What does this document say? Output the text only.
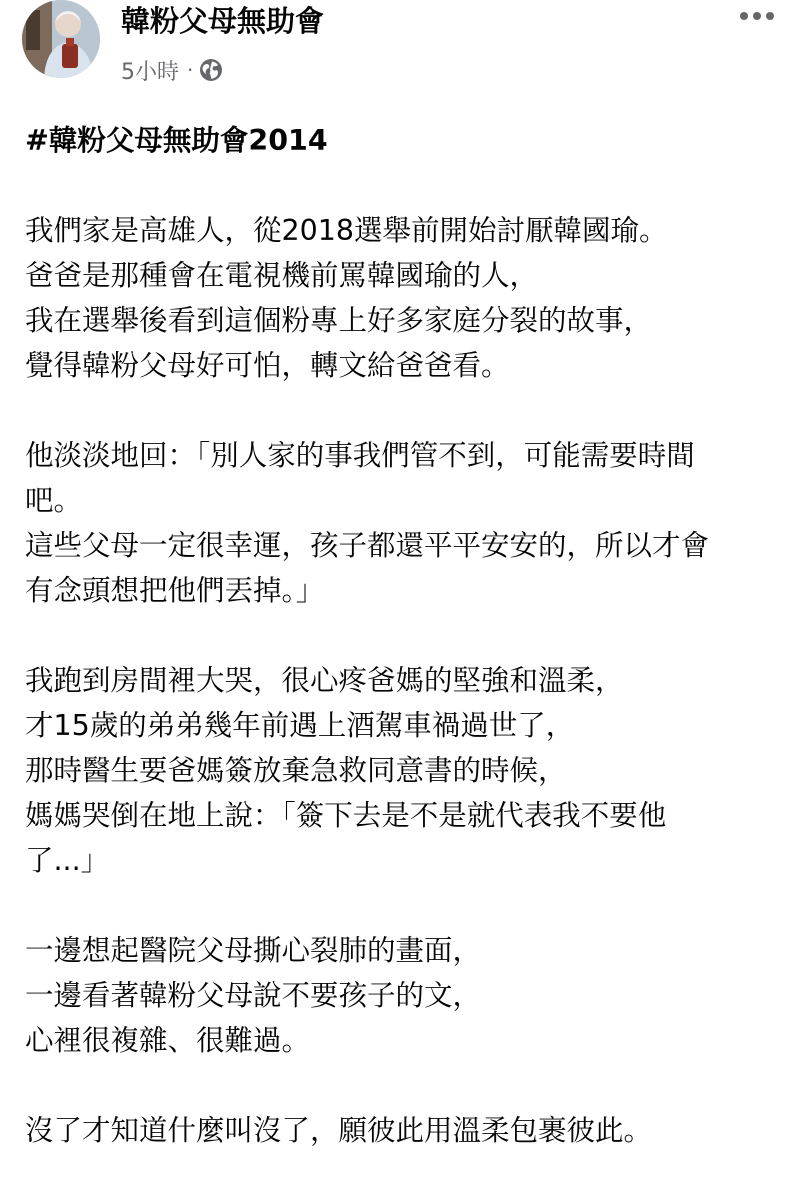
韓粉父母無助會
5小時 ·
#韓粉父母無助會2014
我們家是高雄人，從2018選舉前開始討厭韓國瑜。
爸爸是那種會在電視機前罵韓國瑜的人，
我在選舉後看到這個粉專上好多家庭分裂的故事，
覺得韓粉父母好可怕，轉文給爸爸看。
他淡淡地回：「別人家的事我們管不到，可能需要時間
吧。
這些父母一定很幸運，孩子都還平平安安的，所以才會
有念頭想把他們丟掉。」
我跑到房間裡大哭，很心疼爸媽的堅強和溫柔，
才15歲的弟弟幾年前遇上酒駕車禍過世了，
那時醫生要爸媽簽放棄急救同意書的時候，
媽媽哭倒在地上說：「簽下去是不是就代表我不要他
了...」
一邊想起醫院父母撕心裂肺的畫面，
一邊看著韓粉父母說不要孩子的文，
心裡很複雜、很難過。
沒了才知道什麼叫沒了，願彼此用溫柔包裹彼此。
